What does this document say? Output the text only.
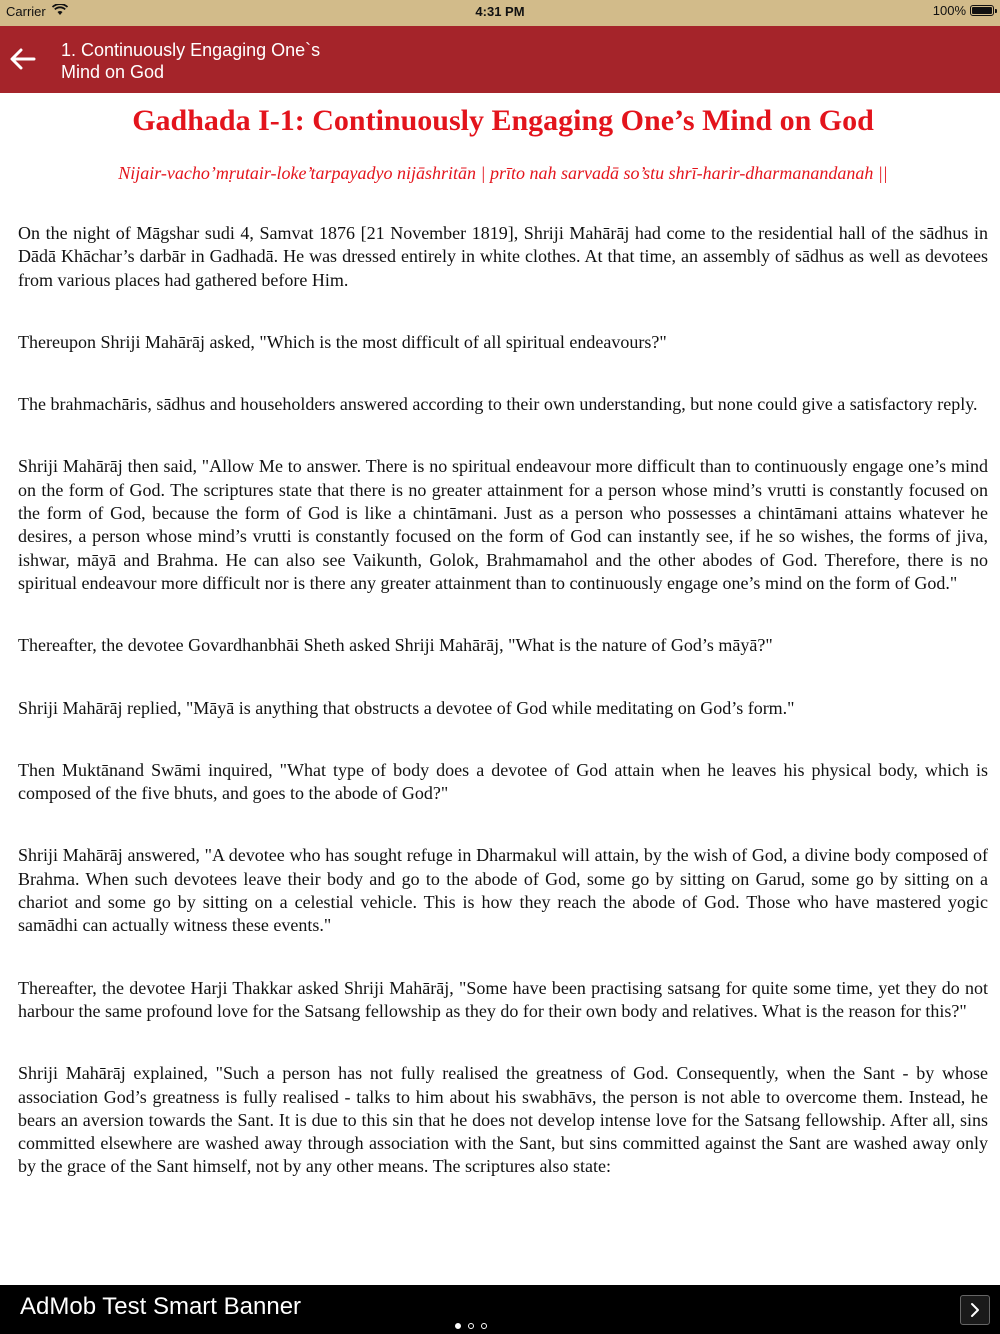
Carrier	4:31 PM	100%
1. Continuously Engaging One`s
Mind on God
Gadhada I-1: Continuously Engaging One’s Mind on God

Nijair-vacho’mṛutair-loke’tarpayadyo nijāshritān | prīto nah sarvadā so’stu shrī-harir-dharmanandanah ||

On the night of Māgshar sudi 4, Samvat 1876 [21 November 1819], Shriji Mahārāj had come to the residential hall of the sādhus in Dādā Khāchar’s darbār in Gadhadā. He was dressed entirely in white clothes. At that time, an assembly of sādhus as well as devotees from various places had gathered before Him.

Thereupon Shriji Mahārāj asked, "Which is the most difficult of all spiritual endeavours?"

The brahmachāris, sādhus and householders answered according to their own understanding, but none could give a satisfactory reply.

Shriji Mahārāj then said, "Allow Me to answer. There is no spiritual endeavour more difficult than to continuously engage one’s mind on the form of God. The scriptures state that there is no greater attainment for a person whose mind’s vrutti is constantly focused on the form of God, because the form of God is like a chintāmani. Just as a person who possesses a chintāmani attains whatever he desires, a person whose mind’s vrutti is constantly focused on the form of God can instantly see, if he so wishes, the forms of jiva, ishwar, māyā and Brahma. He can also see Vaikunth, Golok, Brahmamahol and the other abodes of God. Therefore, there is no spiritual endeavour more difficult nor is there any greater attainment than to continuously engage one’s mind on the form of God."

Thereafter, the devotee Govardhanbhāi Sheth asked Shriji Mahārāj, "What is the nature of God’s māyā?"

Shriji Mahārāj replied, "Māyā is anything that obstructs a devotee of God while meditating on God’s form."

Then Muktānand Swāmi inquired, "What type of body does a devotee of God attain when he leaves his physical body, which is composed of the five bhuts, and goes to the abode of God?"

Shriji Mahārāj answered, "A devotee who has sought refuge in Dharmakul will attain, by the wish of God, a divine body composed of Brahma. When such devotees leave their body and go to the abode of God, some go by sitting on Garud, some go by sitting on a chariot and some go by sitting on a celestial vehicle. This is how they reach the abode of God. Those who have mastered yogic samādhi can actually witness these events."

Thereafter, the devotee Harji Thakkar asked Shriji Mahārāj, "Some have been practising satsang for quite some time, yet they do not harbour the same profound love for the Satsang fellowship as they do for their own body and relatives. What is the reason for this?"

Shriji Mahārāj explained, "Such a person has not fully realised the greatness of God. Consequently, when the Sant - by whose association God’s greatness is fully realised - talks to him about his swabhāvs, the person is not able to overcome them. Instead, he bears an aversion towards the Sant. It is due to this sin that he does not develop intense love for the Satsang fellowship. After all, sins committed elsewhere are washed away through association with the Sant, but sins committed against the Sant are washed away only by the grace of the Sant himself, not by any other means. The scriptures also state:

AdMob Test Smart Banner
